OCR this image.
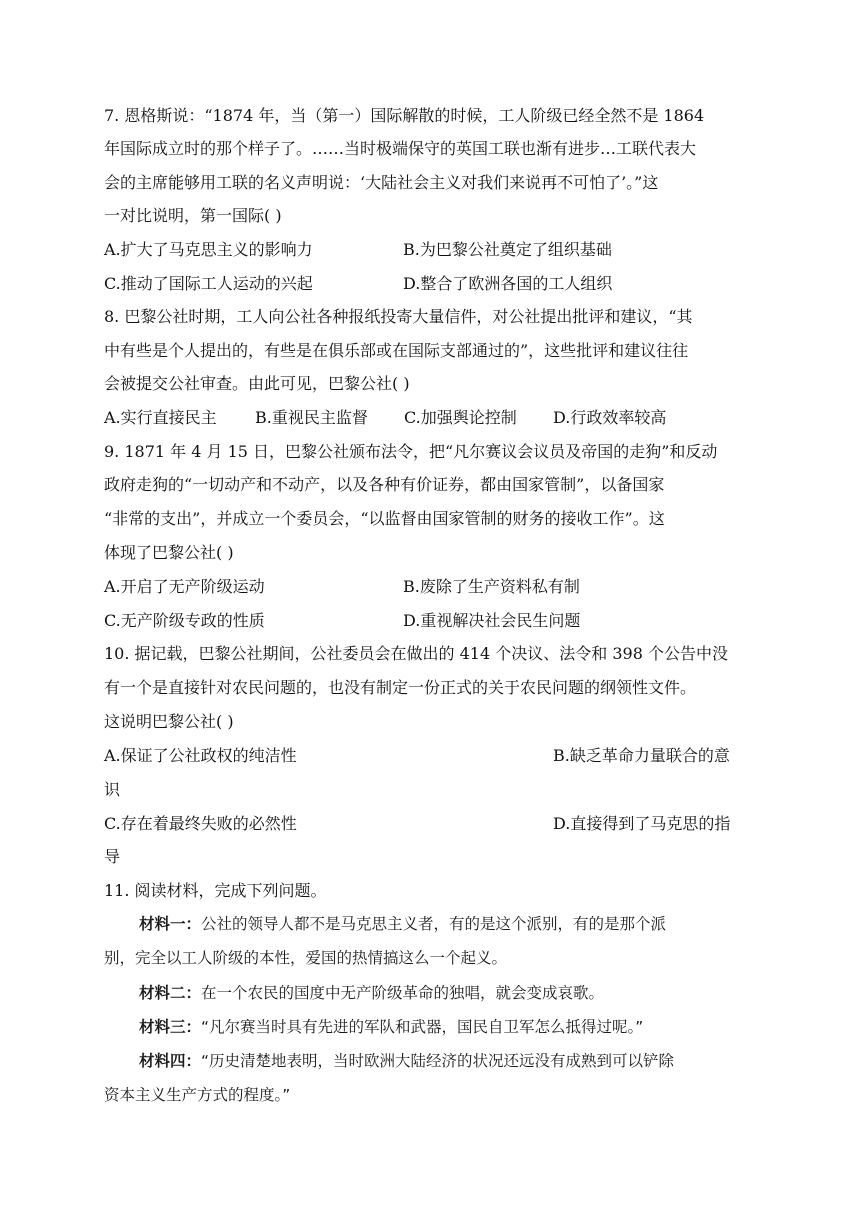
7. 恩格斯说：“1874 年，当（第一）国际解散的时候，工人阶级已经全然不是 1864
年国际成立时的那个样子了。……当时极端保守的英国工联也渐有进步…工联代表大
会的主席能够用工联的名义声明说：‘大陆社会主义对我们来说再不可怕了’。”这
一对比说明，第一国际( )
A.扩大了马克思主义的影响力	B.为巴黎公社奠定了组织基础
C.推动了国际工人运动的兴起	D.整合了欧洲各国的工人组织
8. 巴黎公社时期，工人向公社各种报纸投寄大量信件，对公社提出批评和建议，“其
中有些是个人提出的，有些是在俱乐部或在国际支部通过的”，这些批评和建议往往
会被提交公社审查。由此可见，巴黎公社( )
A.实行直接民主 B.重视民主监督 C.加强舆论控制 D.行政效率较高
9. 1871 年 4 月 15 日，巴黎公社颁布法令，把“凡尔赛议会议员及帝国的走狗”和反动
政府走狗的“一切动产和不动产，以及各种有价证券，都由国家管制”，以备国家
“非常的支出”，并成立一个委员会，“以监督由国家管制的财务的接收工作”。这
体现了巴黎公社( )
A.开启了无产阶级运动	B.废除了生产资料私有制
C.无产阶级专政的性质	D.重视解决社会民生问题
10. 据记载，巴黎公社期间，公社委员会在做出的 414 个决议、法令和 398 个公告中没
有一个是直接针对农民问题的，也没有制定一份正式的关于农民问题的纲领性文件。
这说明巴黎公社( )
A.保证了公社政权的纯洁性	B.缺乏革命力量联合的意
识
C.存在着最终失败的必然性	D.直接得到了马克思的指
导
11. 阅读材料，完成下列问题。
材料一：公社的领导人都不是马克思主义者，有的是这个派别，有的是那个派
别，完全以工人阶级的本性，爱国的热情搞这么一个起义。
材料二：在一个农民的国度中无产阶级革命的独唱，就会变成哀歌。
材料三：“凡尔赛当时具有先进的军队和武器，国民自卫军怎么抵得过呢。”
材料四：“历史清楚地表明，当时欧洲大陆经济的状况还远没有成熟到可以铲除
资本主义生产方式的程度。”
